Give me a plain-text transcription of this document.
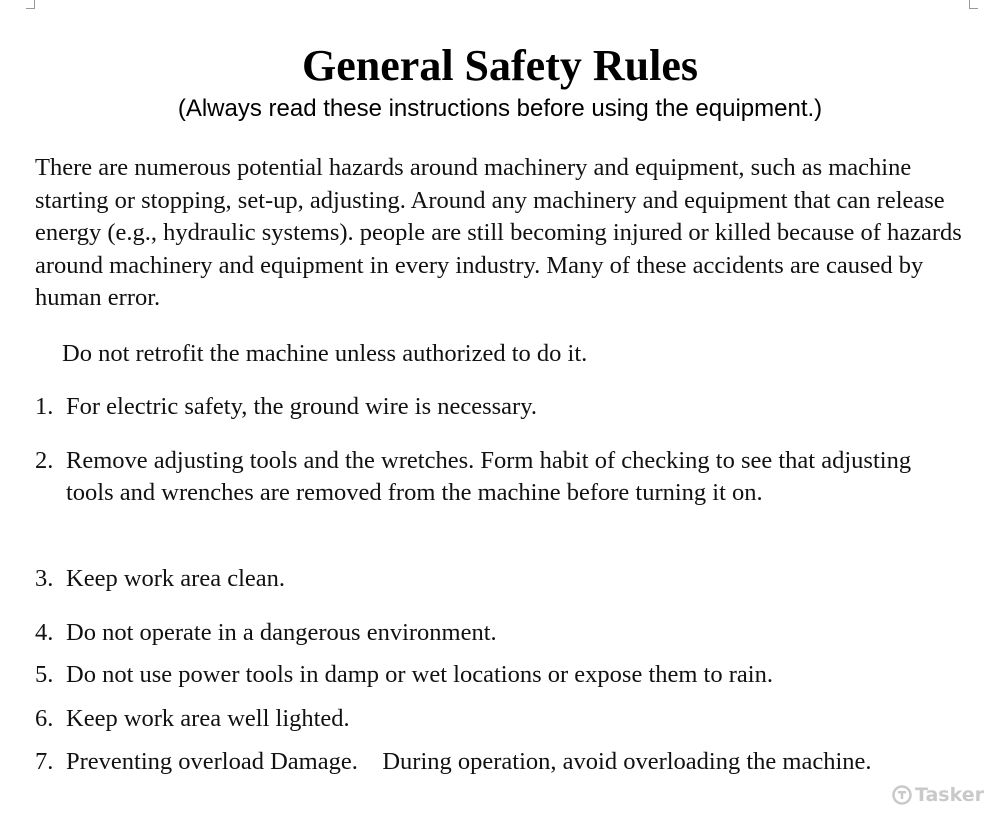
General Safety Rules
(Always read these instructions before using the equipment.)
There are numerous potential hazards around machinery and equipment, such as machine starting or stopping, set-up, adjusting. Around any machinery and equipment that can release energy (e.g., hydraulic systems). people are still becoming injured or killed because of hazards around machinery and equipment in every industry. Many of these accidents are caused by human error.
Do not retrofit the machine unless authorized to do it.
1. For electric safety, the ground wire is necessary.
2. Remove adjusting tools and the wretches. Form habit of checking to see that adjusting tools and wrenches are removed from the machine before turning it on.
3. Keep work area clean.
4. Do not operate in a dangerous environment.
5. Do not use power tools in damp or wet locations or expose them to rain.
6. Keep work area well lighted.
7. Preventing overload Damage.    During operation, avoid overloading the machine.
Tasker
